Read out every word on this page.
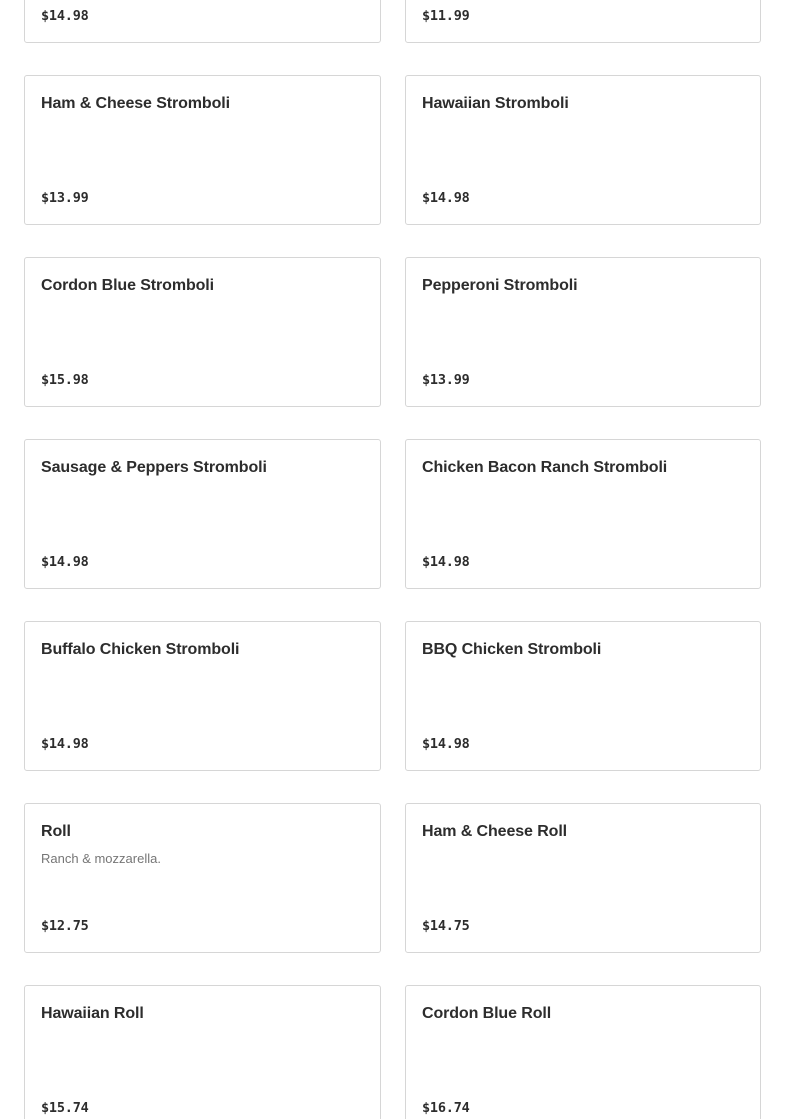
$14.98	$11.99
Ham & Cheese Stromboli
$13.99
Hawaiian Stromboli
$14.98
Cordon Blue Stromboli
$15.98
Pepperoni Stromboli
$13.99
Sausage & Peppers Stromboli
$14.98
Chicken Bacon Ranch Stromboli
$14.98
Buffalo Chicken Stromboli
$14.98
BBQ Chicken Stromboli
$14.98
Roll
Ranch & mozzarella.
$12.75
Ham & Cheese Roll
$14.75
Hawaiian Roll
$15.74
Cordon Blue Roll
$16.74
